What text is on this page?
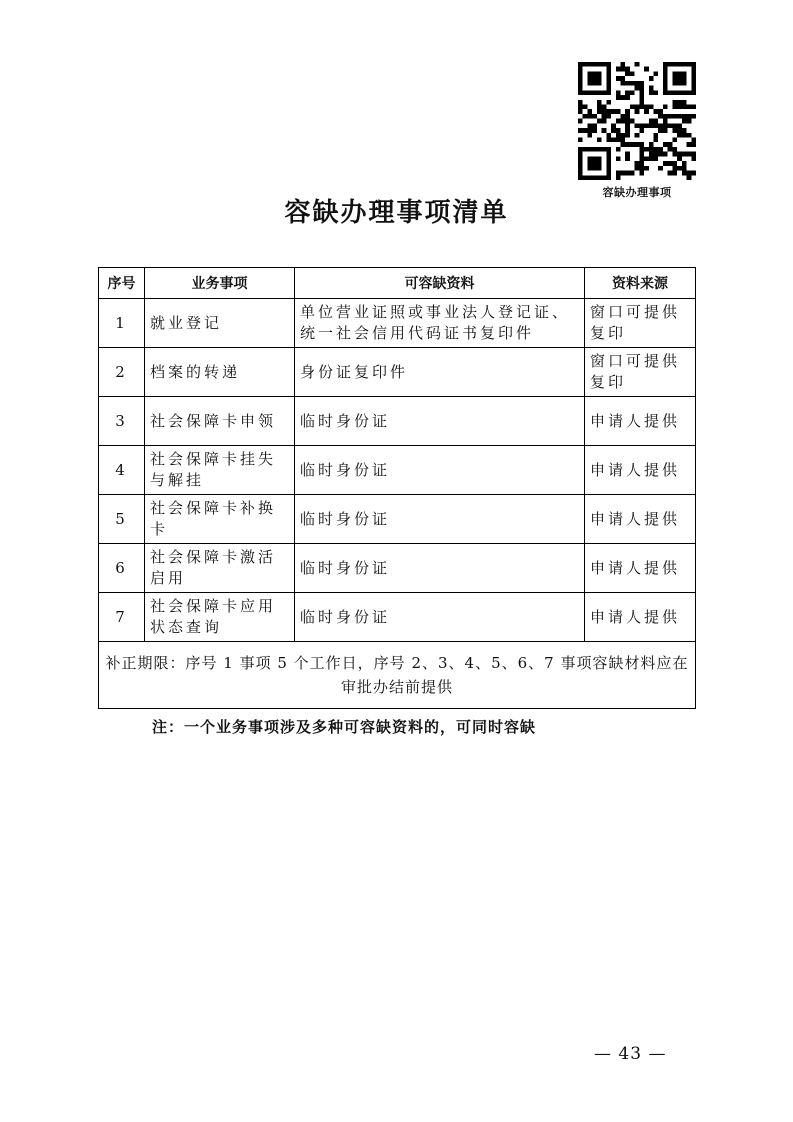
容缺办理事项
容缺办理事项清单
序号	业务事项	可容缺资料	资料来源
1	就业登记	单位营业证照或事业法人登记证、统一社会信用代码证书复印件	窗口可提供复印
2	档案的转递	身份证复印件	窗口可提供复印
3	社会保障卡申领	临时身份证	申请人提供
4	社会保障卡挂失与解挂	临时身份证	申请人提供
5	社会保障卡补换卡	临时身份证	申请人提供
6	社会保障卡激活启用	临时身份证	申请人提供
7	社会保障卡应用状态查询	临时身份证	申请人提供
补正期限：序号 1 事项 5 个工作日，序号 2、3、4、5、6、7 事项容缺材料应在审批办结前提供			
注：一个业务事项涉及多种可容缺资料的，可同时容缺
— 43 —
